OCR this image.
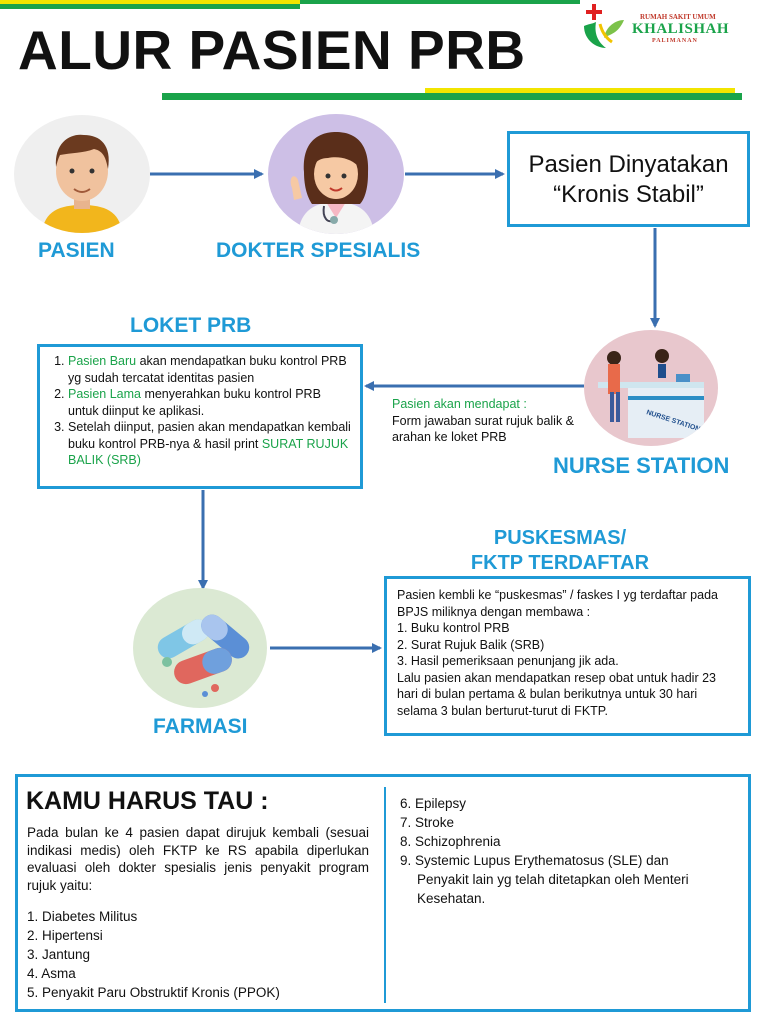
ALUR PASIEN PRB
RUMAH SAKIT UMUM
KHALISHAH
PALIMANAN
PASIEN	DOKTER SPESIALIS
Pasien Dinyatakan
“Kronis Stabil”
NURSE STATION
NURSE STATION
Pasien akan mendapat :
Form jawaban surat rujuk balik & arahan ke loket PRB
LOKET PRB
1. Pasien Baru akan mendapatkan buku kontrol PRB yg sudah tercatat identitas pasien
2. Pasien Lama menyerahkan buku kontrol PRB untuk diinput ke aplikasi.
3. Setelah diinput, pasien akan mendapatkan kembali buku kontrol PRB-nya & hasil print SURAT RUJUK BALIK (SRB)
FARMASI
PUSKESMAS/
FKTP TERDAFTAR
Pasien kembli ke “puskesmas” / faskes I yg terdaftar pada BPJS miliknya dengan membawa :
1. Buku kontrol PRB
2. Surat Rujuk Balik (SRB)
3. Hasil pemeriksaan penunjang jik ada.
Lalu pasien akan mendapatkan resep obat untuk hadir 23 hari di bulan pertama & bulan berikutnya untuk 30 hari selama 3 bulan berturut-turut di FKTP.
KAMU HARUS TAU :
Pada bulan ke 4 pasien dapat dirujuk kembali (sesuai indikasi medis) oleh FKTP ke RS apabila diperlukan evaluasi oleh dokter spesialis jenis penyakit program rujuk yaitu:
1. Diabetes Militus
2. Hipertensi
3. Jantung
4. Asma
5. Penyakit Paru Obstruktif Kronis (PPOK)
6. Epilepsy
7. Stroke
8. Schizophrenia
9. Systemic Lupus Erythematosus (SLE) dan
Penyakit lain yg telah ditetapkan oleh Menteri Kesehatan.
